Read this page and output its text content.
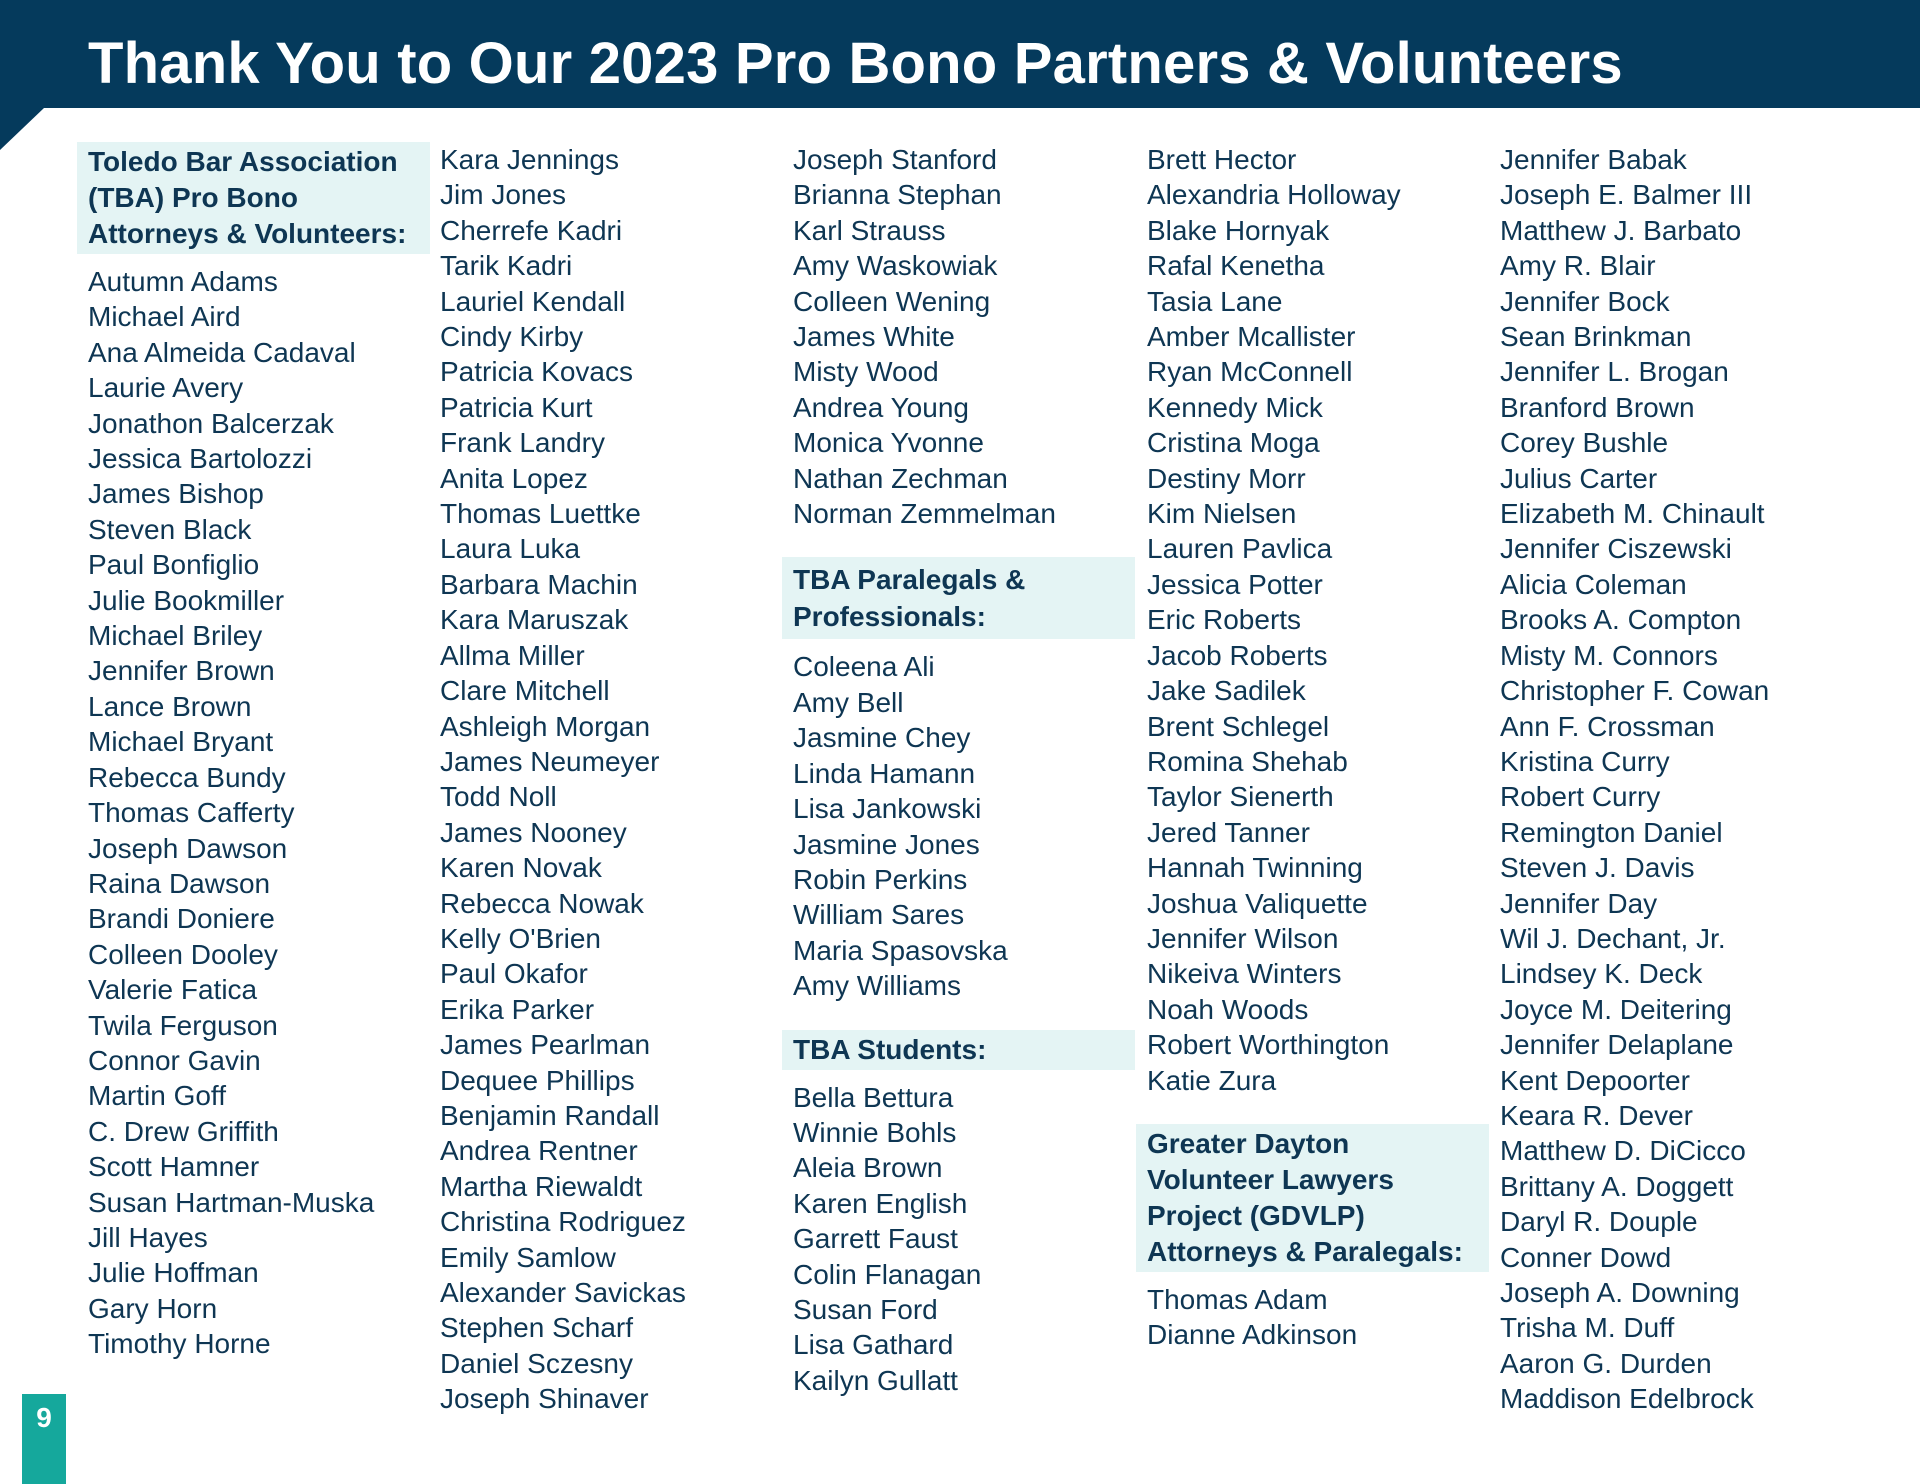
Thank You to Our 2023 Pro Bono Partners & Volunteers
Toledo Bar Association (TBA) Pro Bono Attorneys & Volunteers:
Autumn Adams
Michael Aird
Ana Almeida Cadaval
Laurie Avery
Jonathon Balcerzak
Jessica Bartolozzi
James Bishop
Steven Black
Paul Bonfiglio
Julie Bookmiller
Michael Briley
Jennifer Brown
Lance Brown
Michael Bryant
Rebecca Bundy
Thomas Cafferty
Joseph Dawson
Raina Dawson
Brandi Doniere
Colleen Dooley
Valerie Fatica
Twila Ferguson
Connor Gavin
Martin Goff
C. Drew Griffith
Scott Hamner
Susan Hartman-Muska
Jill Hayes
Julie Hoffman
Gary Horn
Timothy Horne
Kara Jennings
Jim Jones
Cherrefe Kadri
Tarik Kadri
Lauriel Kendall
Cindy Kirby
Patricia Kovacs
Patricia Kurt
Frank Landry
Anita Lopez
Thomas Luettke
Laura Luka
Barbara Machin
Kara Maruszak
Allma Miller
Clare Mitchell
Ashleigh Morgan
James Neumeyer
Todd Noll
James Nooney
Karen Novak
Rebecca Nowak
Kelly O'Brien
Paul Okafor
Erika Parker
James Pearlman
Dequee Phillips
Benjamin Randall
Andrea Rentner
Martha Riewaldt
Christina Rodriguez
Emily Samlow
Alexander Savickas
Stephen Scharf
Daniel Sczesny
Joseph Shinaver
Joseph Stanford
Brianna Stephan
Karl Strauss
Amy Waskowiak
Colleen Wening
James White
Misty Wood
Andrea Young
Monica Yvonne
Nathan Zechman
Norman Zemmelman
TBA Paralegals & Professionals:
Coleena Ali
Amy Bell
Jasmine Chey
Linda Hamann
Lisa Jankowski
Jasmine Jones
Robin Perkins
William Sares
Maria Spasovska
Amy Williams
TBA Students:
Bella Bettura
Winnie Bohls
Aleia Brown
Karen English
Garrett Faust
Colin Flanagan
Susan Ford
Lisa Gathard
Kailyn Gullatt
Brett Hector
Alexandria Holloway
Blake Hornyak
Rafal Kenetha
Tasia Lane
Amber Mcallister
Ryan McConnell
Kennedy Mick
Cristina Moga
Destiny Morr
Kim Nielsen
Lauren Pavlica
Jessica Potter
Eric Roberts
Jacob Roberts
Jake Sadilek
Brent Schlegel
Romina Shehab
Taylor Sienerth
Jered Tanner
Hannah Twinning
Joshua Valiquette
Jennifer Wilson
Nikeiva Winters
Noah Woods
Robert Worthington
Katie Zura
Greater Dayton Volunteer Lawyers Project (GDVLP) Attorneys & Paralegals:
Thomas Adam
Dianne Adkinson
Jennifer Babak
Joseph E. Balmer III
Matthew J. Barbato
Amy R. Blair
Jennifer Bock
Sean Brinkman
Jennifer L. Brogan
Branford Brown
Corey Bushle
Julius Carter
Elizabeth M. Chinault
Jennifer Ciszewski
Alicia Coleman
Brooks A. Compton
Misty M. Connors
Christopher F. Cowan
Ann F. Crossman
Kristina Curry
Robert Curry
Remington Daniel
Steven J. Davis
Jennifer Day
Wil J. Dechant, Jr.
Lindsey K. Deck
Joyce M. Deitering
Jennifer Delaplane
Kent Depoorter
Keara R. Dever
Matthew D. DiCicco
Brittany A. Doggett
Daryl R. Douple
Conner Dowd
Joseph A. Downing
Trisha M. Duff
Aaron G. Durden
Maddison Edelbrock
9
